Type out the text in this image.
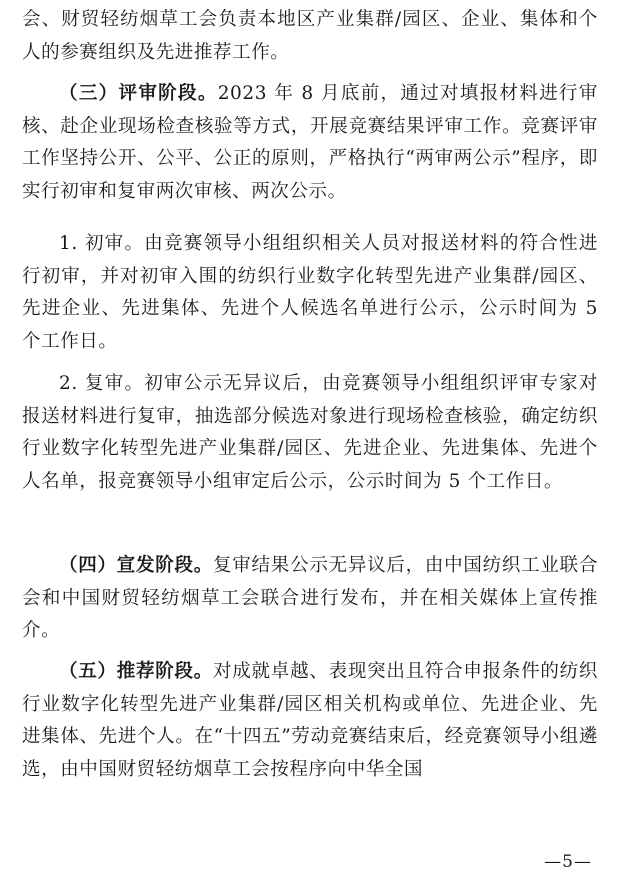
会、财贸轻纺烟草工会负责本地区产业集群/园区、企业、集体和个人的参赛组织及先进推荐工作。

（三）评审阶段。2023 年 8 月底前，通过对填报材料进行审核、赴企业现场检查核验等方式，开展竞赛结果评审工作。竞赛评审工作坚持公开、公平、公正的原则，严格执行“两审两公示”程序，即实行初审和复审两次审核、两次公示。

1. 初审。由竞赛领导小组组织相关人员对报送材料的符合性进行初审，并对初审入围的纺织行业数字化转型先进产业集群/园区、先进企业、先进集体、先进个人候选名单进行公示，公示时间为 5 个工作日。

2. 复审。初审公示无异议后，由竞赛领导小组组织评审专家对报送材料进行复审，抽选部分候选对象进行现场检查核验，确定纺织行业数字化转型先进产业集群/园区、先进企业、先进集体、先进个人名单，报竞赛领导小组审定后公示，公示时间为 5 个工作日。

（四）宣发阶段。复审结果公示无异议后，由中国纺织工业联合会和中国财贸轻纺烟草工会联合进行发布，并在相关媒体上宣传推介。

（五）推荐阶段。对成就卓越、表现突出且符合申报条件的纺织行业数字化转型先进产业集群/园区相关机构或单位、先进企业、先进集体、先进个人。在“十四五”劳动竞赛结束后，经竞赛领导小组遴选，由中国财贸轻纺烟草工会按程序向中华全国

—5—
